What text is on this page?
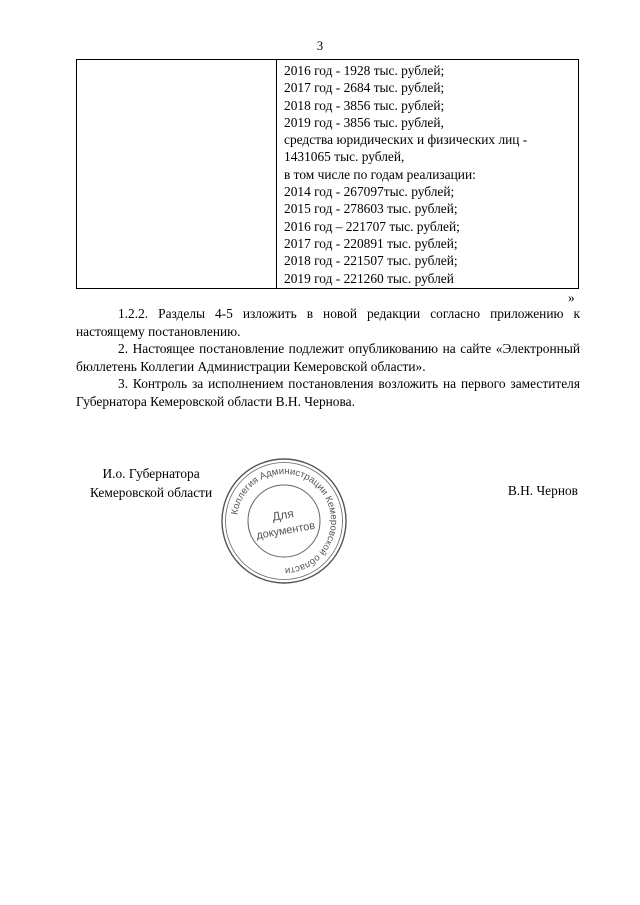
3
2016 год - 1928 тыс. рублей;
2017 год - 2684 тыс. рублей;
2018 год - 3856 тыс. рублей;
2019 год - 3856 тыс. рублей,
средства юридических и физических лиц -
1431065 тыс. рублей,
в том числе по годам реализации:
2014 год - 267097тыс. рублей;
2015 год - 278603 тыс. рублей;
2016 год – 221707 тыс. рублей;
2017 год - 220891 тыс. рублей;
2018 год - 221507 тыс. рублей;
2019 год - 221260 тыс. рублей
»
1.2.2. Разделы 4-5 изложить в новой редакции согласно приложению к настоящему постановлению.
2. Настоящее постановление подлежит опубликованию на сайте «Электронный бюллетень Коллегии Администрации Кемеровской области».
3. Контроль за исполнением постановления возложить на первого заместителя Губернатора Кемеровской области В.Н. Чернова.
И.о. Губернатора
Кемеровской области	В.Н. Чернов
Коллегия Администрации Кемеровской области
Для
документов
